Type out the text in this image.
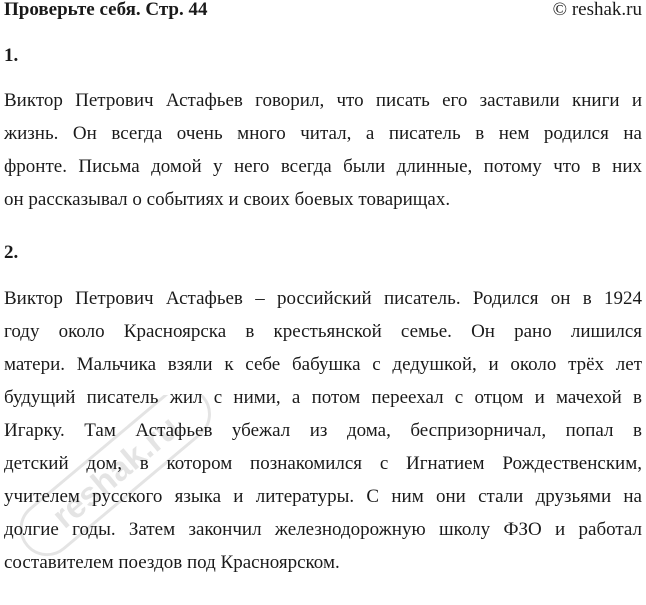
Проверьте себя. Стр. 44	© reshak.ru
1.
Виктор Петрович Астафьев говорил, что писать его заставили книги и
жизнь. Он всегда очень много читал, а писатель в нем родился на
фронте. Письма домой у него всегда были длинные, потому что в них
он рассказывал о событиях и своих боевых товарищах.
2.
Виктор Петрович Астафьев – российский писатель. Родился он в 1924
году около Красноярска в крестьянской семье. Он рано лишился
матери. Мальчика взяли к себе бабушка с дедушкой, и около трёх лет
будущий писатель жил с ними, а потом переехал с отцом и мачехой в
Игарку. Там Астафьев убежал из дома, беспризорничал, попал в
детский дом, в котором познакомился с Игнатием Рождественским,
учителем русского языка и литературы. С ним они стали друзьями на
долгие годы. Затем закончил железнодорожную школу ФЗО и работал
составителем поездов под Красноярском.
reshak.ru
